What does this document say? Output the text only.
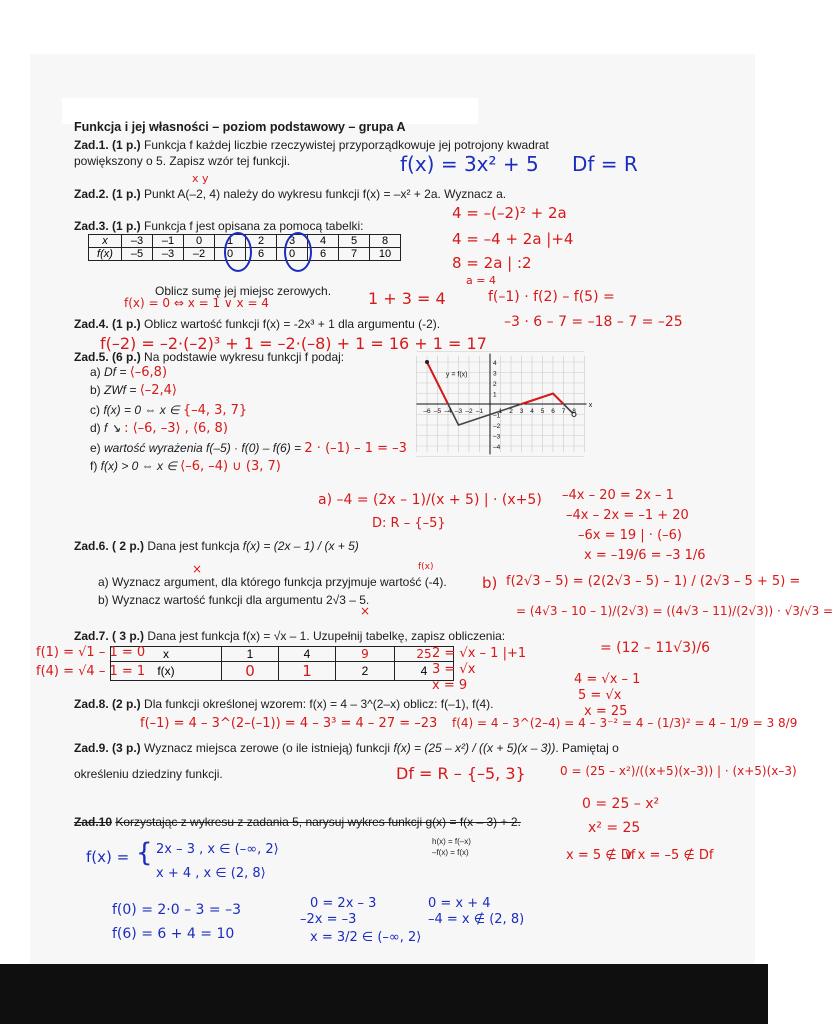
Funkcja i jej własności – poziom podstawowy – grupa A
Zad.1. (1 p.) Funkcja f każdej liczbie rzeczywistej przyporządkowuje jej potrojony kwadrat
powiększony o 5. Zapisz wzór tej funkcji.	f(x) = 3x² + 5 Df = R
x y
Zad.2. (1 p.) Punkt A(–2, 4) należy do wykresu funkcji f(x) = –x² + 2a. Wyznacz a.
4 = –(–2)² + 2a
4 = –4 + 2a |+4
8 = 2a | :2
a = 4
Zad.3. (1 p.) Funkcja f jest opisana za pomocą tabelki:
x	–3	–1	0	1	2	3	4	5	8
f(x)	–5	–3	–2	0	6	0	6	7	10
Oblicz sumę jej miejsc zerowych.
f(x) = 0 ⇔ x = 1 ∨ x = 4	1 + 3 = 4	f(–1) · f(2) – f(5) =
–3 · 6 – 7 = –18 – 7 = –25
Zad.4. (1 p.) Oblicz wartość funkcji f(x) = -2x³ + 1 dla argumentu (-2).
f(–2) = –2·(–2)³ + 1 = –2·(–8) + 1 = 16 + 1 = 17
Zad.5. (6 p.) Na podstawie wykresu funkcji f podaj:
a) Df = ⟨–6,8)
b) ZWf = ⟨–2,4⟩
c) f(x) = 0 ⇔ x ∈ {–4, 3, 7}
d) f ↘ : ⟨–6, –3⟩ , ⟨6, 8)
e) wartość wyrażenia f(–5) · f(0) – f(6) = 2 · (–1) – 1 = –3
f) f(x) > 0 ⇔ x ∈ ⟨–6, –4) ∪ (3, 7)
–6 –5 –4 –3 –2 –1 1 2 3 4 5 6 7 8
4
3
2
1
–1
–2
–3
–4
y = f(x)
x
a) –4 = (2x – 1)/(x + 5) | · (x+5)
D: R – {–5}
–4x – 20 = 2x – 1
–4x – 2x = –1 + 20
–6x = 19 | · (–6)
x = –19/6 = –3 1/6
Zad.6. ( 2 p.) Dana jest funkcja f(x) = (2x – 1) / (x + 5)
×	f(x)
a) Wyznacz argument, dla którego funkcja przyjmuje wartość (-4).
b) Wyznacz wartość funkcji dla argumentu 2√3 – 5.
×
b) f(2√3 – 5) = (2(2√3 – 5) – 1) / (2√3 – 5 + 5) =
= (4√3 – 10 – 1)/(2√3) = ((4√3 – 11)/(2√3)) · √3/√3 =
= (12 – 11√3)/6
Zad.7. ( 3 p.) Dana jest funkcja f(x) = √x – 1. Uzupełnij tabelkę, zapisz obliczenia:
x	1	4	9	25
f(x)	0	1	2	4
f(1) = √1 – 1 = 0
f(4) = √4 – 1 = 1
2 = √x – 1 |+1
3 = √x
x = 9	4 = √x – 1
5 = √x
x = 25
Zad.8. (2 p.) Dla funkcji określonej wzorem: f(x) = 4 – 3^(2–x) oblicz: f(–1), f(4).
f(–1) = 4 – 3^(2–(–1)) = 4 – 3³ = 4 – 27 = –23 f(4) = 4 – 3^(2–4) = 4 – 3⁻² = 4 – (1/3)² = 4 – 1/9 = 3 8/9
Zad.9. (3 p.) Wyznacz miejsca zerowe (o ile istnieją) funkcji f(x) = (25 – x²) / ((x + 5)(x – 3)). Pamiętaj o
określeniu dziedziny funkcji.	Df = R – {–5, 3}	0 = (25 – x²)/((x+5)(x–3)) | · (x+5)(x–3)
0 = 25 – x²
x² = 25
x = 5 ∉ Df
∨ x = –5 ∉ Df
Zad.10 Korzystając z wykresu z zadania 5, narysuj wykres funkcji g(x) = f(x – 3) + 2.
h(x) = f(–x)
–f(x) = f(x)
f(x) = { 2x – 3 , x ∈ (–∞, 2⟩
x + 4 , x ∈ (2, 8⟩
f(0) = 2·0 – 3 = –3
f(6) = 6 + 4 = 10
0 = 2x – 3
–2x = –3
x = 3/2 ∈ (–∞, 2⟩
0 = x + 4
–4 = x ∉ (2, 8)
